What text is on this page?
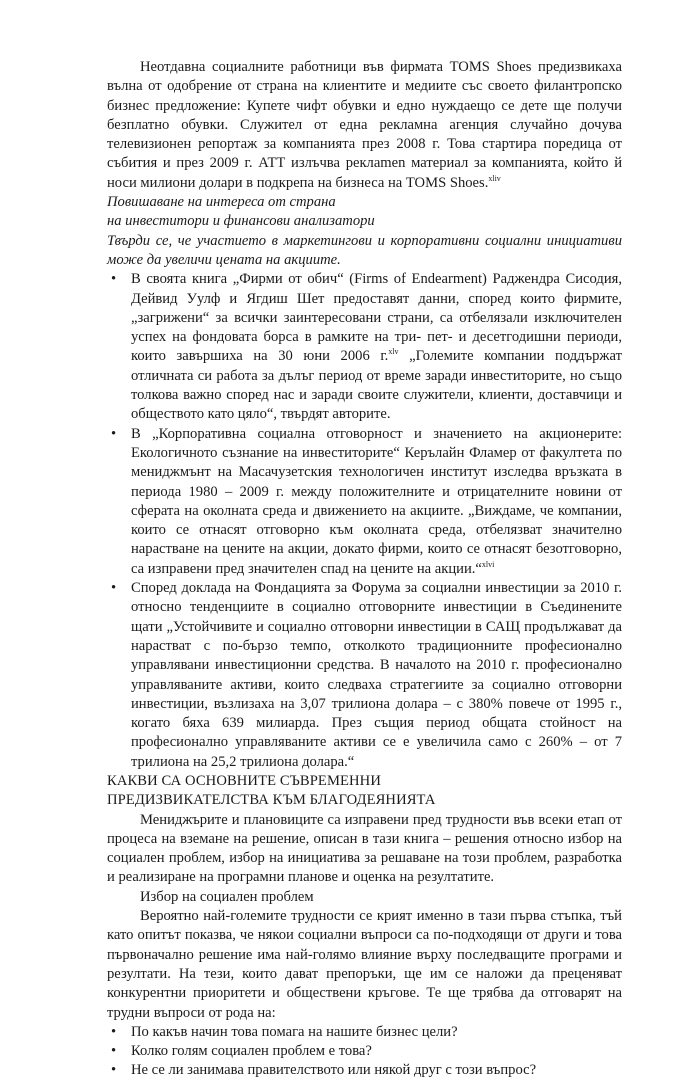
Неотдавна социалните работници във фирмата TOMS Shoes предизвикаха вълна от одобрение от страна на клиентите и медиите със своето филантропско бизнес предложение: Купете чифт обувки и едно нуждаещо се дете ще получи безплатно обувки. Служител от една рекламна агенция случайно дочува телевизионен репортаж за компанията през 2008 г. Това стартира поредица от събития и през 2009 г. АТТ излъчва реклamen материал за компанията, който й носи милиони долари в подкрепа на бизнеса на TOMS Shoes.$^{xliv}$

Повишаване на интереса от страна

на инвеститори и финансови анализатори

Твърди се, че участието в маркетингови и корпоративни социални инициативи може да увеличи цената на акциите.

• В своята книга „Фирми от обич“ (Firms of Endearment) Раджендра Сисодия, Дейвид Уулф и Ягдиш Шет предоставят данни, според които фирмите, „загрижени“ за всички заинтересовани страни, са отбелязали изключителен успех на фондовата борса в рамките на три- пет- и десетгодишни периоди, които завършиха на 30 юни 2006 г.$^{xlv}$ „Големите компании поддържат отличната си работа за дълъг период от време заради инвеститорите, но също толкова важно според нас и заради своите служители, клиенти, доставчици и обществото като цяло“, твърдят авторите.
• В „Корпоративна социална отговорност и значението на акционерите: Екологичното съзнание на инвеститорите“ Керълайн Фламер от факултета по мениджмънт на Масачузетския технологичен институт изследва връзката в периода 1980 – 2009 г. между положителните и отрицателните новини от сферата на околната среда и движението на акциите. „Виждаме, че компании, които се отнасят отговорно към околната среда, отбелязват значително нарастване на цените на акции, докато фирми, които се отнасят безотговорно, са изправени пред значителен спад на цените на акции.“$^{xlvi}$
• Според доклада на Фондацията за Форума за социални инвестиции за 2010 г. относно тенденциите в социално отговорните инвестиции в Съединените щати „Устойчивите и социално отговорни инвестиции в САЩ продължават да нарастват с по-бързо темпо, отколкото традиционните професионално управлявани инвестиционни средства. В началото на 2010 г. професионално управляваните активи, които следваха стратегиите за социално отговорни инвестиции, възлизаха на 3,07 трилиона долара – с 380% повече от 1995 г., когато бяха 639 милиарда. През същия период общата стойност на професионално управляваните активи се е увеличила само с 260% – от 7 трилиона на 25,2 трилиона долара.“

КАКВИ СА ОСНОВНИТЕ СЪВРЕМЕННИ

ПРЕДИЗВИКАТЕЛСТВА КЪМ БЛАГОДЕЯНИЯТА

Мениджърите и плановиците са изправени пред трудности във всеки етап от процеса на вземане на решение, описан в тази книга – решения относно избор на социален проблем, избор на инициатива за решаване на този проблем, разработка и реализиране на програмни планове и оценка на резултатите.

Избор на социален проблем

Вероятно най-големите трудности се крият именно в тази първа стъпка, тъй като опитът показва, че някои социални въпроси са по-подходящи от други и това първоначално решение има най-голямо влияние върху последващите програми и резултати. На тези, които дават препоръки, ще им се наложи да преценяват конкурентни приоритети и обществени кръгове. Те ще трябва да отговарят на трудни въпроси от рода на:

• По какъв начин това помага на нашите бизнес цели?
• Колко голям социален проблем е това?
• Не се ли занимава правителството или някой друг с този въпрос?
